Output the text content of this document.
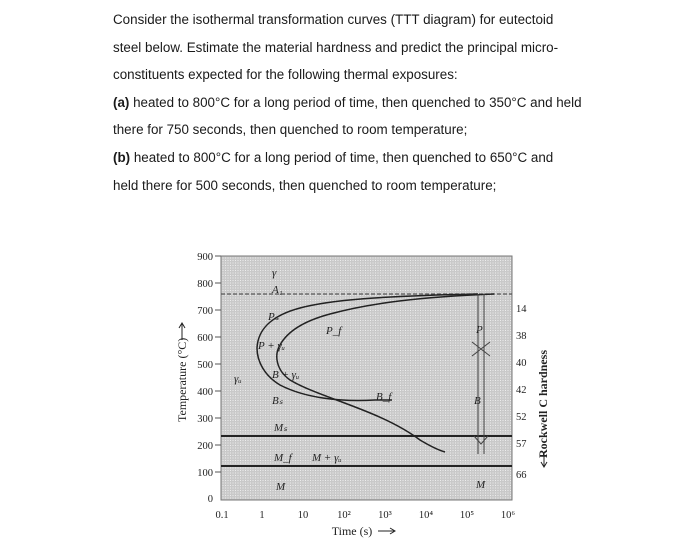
Consider the isothermal transformation curves (TTT diagram) for eutectoid

steel below. Estimate the material hardness and predict the principal micro-

constituents expected for the following thermal exposures:

(a) heated to 800°C for a long period of time, then quenched to 350°C and held

there for 750 seconds, then quenched to room temperature;

(b) heated to 800°C for a long period of time, then quenched to 650°C and

held there for 500 seconds, then quenched to room temperature;

900
800
700
600
500
400
300
200
100
0
0.1	1	10	10²	10³	10⁴	10⁵	10⁶
Time (s)
Temperature (°C)
14
38
40
42
52
57
66
Rockwell C hardness
γ
A₁
Pₛ
P_f
P + γᵤ
γᵤ	B + γᵤ
Bₛ	B_f
Mₛ
M_f M + γᵤ
M
P
B
M
